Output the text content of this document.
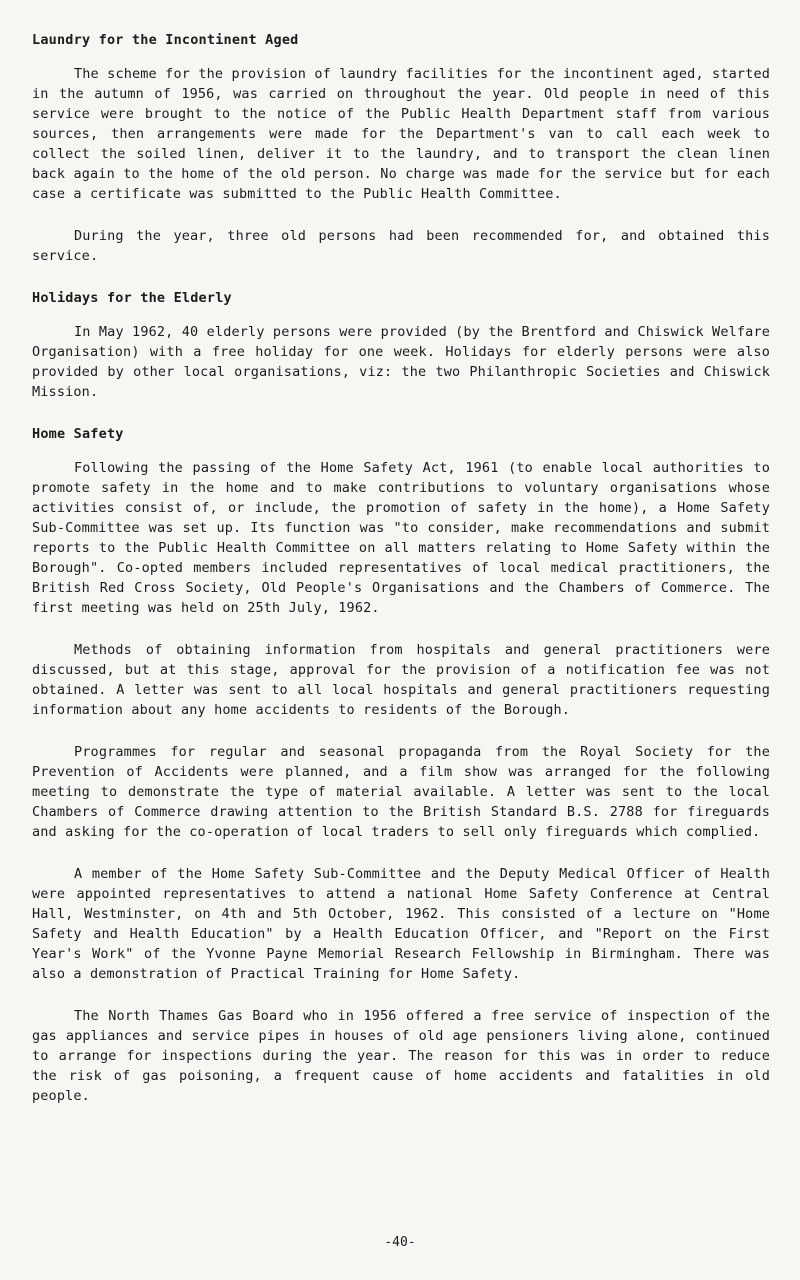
Laundry for the Incontinent Aged

The scheme for the provision of laundry facilities for the incontinent aged, started in the autumn of 1956, was carried on throughout the year. Old people in need of this service were brought to the notice of the Public Health Department staff from various sources, then arrangements were made for the Department's van to call each week to collect the soiled linen, deliver it to the laundry, and to transport the clean linen back again to the home of the old person. No charge was made for the service but for each case a certificate was submitted to the Public Health Committee.

During the year, three old persons had been recommended for, and obtained this service.

Holidays for the Elderly

In May 1962, 40 elderly persons were provided (by the Brentford and Chiswick Welfare Organisation) with a free holiday for one week. Holidays for elderly persons were also provided by other local organisations, viz: the two Philanthropic Societies and Chiswick Mission.

Home Safety

Following the passing of the Home Safety Act, 1961 (to enable local authorities to promote safety in the home and to make contributions to voluntary organisations whose activities consist of, or include, the promotion of safety in the home), a Home Safety Sub-Committee was set up. Its function was "to consider, make recommendations and submit reports to the Public Health Committee on all matters relating to Home Safety within the Borough". Co-opted members included representatives of local medical practitioners, the British Red Cross Society, Old People's Organisations and the Chambers of Commerce. The first meeting was held on 25th July, 1962.

Methods of obtaining information from hospitals and general practitioners were discussed, but at this stage, approval for the provision of a notification fee was not obtained. A letter was sent to all local hospitals and general practitioners requesting information about any home accidents to residents of the Borough.

Programmes for regular and seasonal propaganda from the Royal Society for the Prevention of Accidents were planned, and a film show was arranged for the following meeting to demonstrate the type of material available. A letter was sent to the local Chambers of Commerce drawing attention to the British Standard B.S. 2788 for fireguards and asking for the co-operation of local traders to sell only fireguards which complied.

A member of the Home Safety Sub-Committee and the Deputy Medical Officer of Health were appointed representatives to attend a national Home Safety Conference at Central Hall, Westminster, on 4th and 5th October, 1962. This consisted of a lecture on "Home Safety and Health Education" by a Health Education Officer, and "Report on the First Year's Work" of the Yvonne Payne Memorial Research Fellowship in Birmingham. There was also a demonstration of Practical Training for Home Safety.

The North Thames Gas Board who in 1956 offered a free service of inspection of the gas appliances and service pipes in houses of old age pensioners living alone, continued to arrange for inspections during the year. The reason for this was in order to reduce the risk of gas poisoning, a frequent cause of home accidents and fatalities in old people.

-40-
